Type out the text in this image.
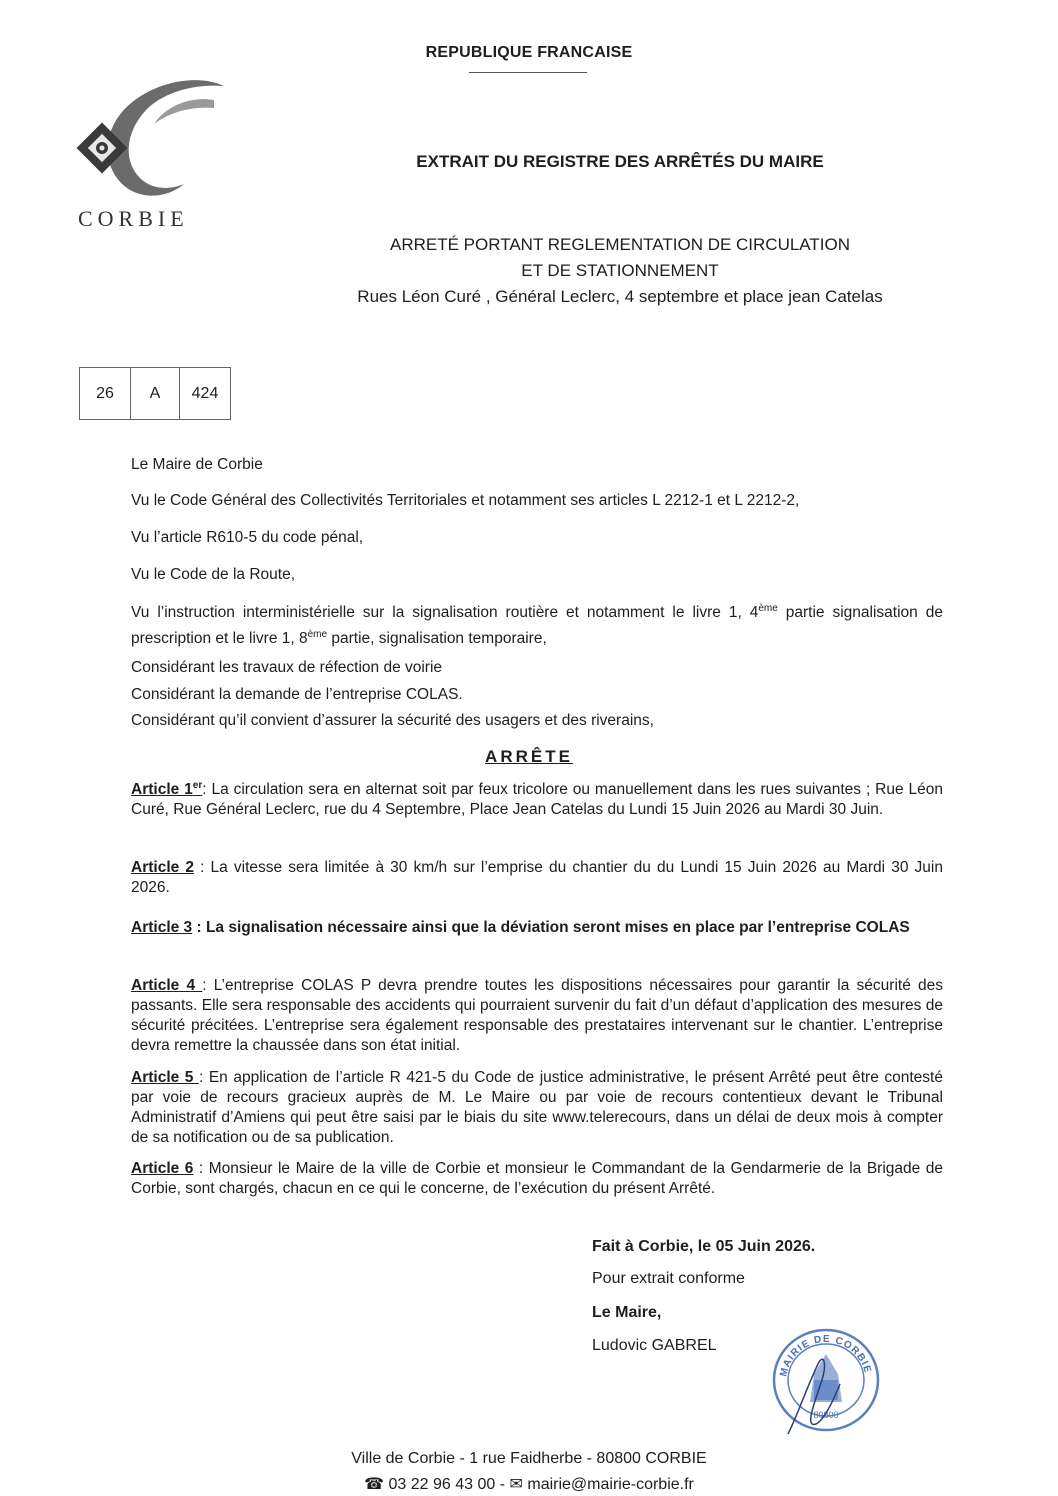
REPUBLIQUE FRANCAISE
CORBIE
EXTRAIT DU REGISTRE DES ARRÊTÉS DU MAIRE
ARRETÉ PORTANT REGLEMENTATION DE CIRCULATION
ET DE STATIONNEMENT
Rues Léon Curé , Général Leclerc, 4 septembre et place jean Catelas
26	A	424
Le Maire de Corbie
Vu le Code Général des Collectivités Territoriales et notamment ses articles L 2212-1 et L 2212-2,
Vu l’article R610-5 du code pénal,
Vu le Code de la Route,
Vu l’instruction interministérielle sur la signalisation routière et notamment le livre 1, 4ème partie signalisation de prescription et le livre 1, 8ème partie, signalisation temporaire,
Considérant les travaux de réfection de voirie
Considérant la demande de l’entreprise COLAS.
Considérant qu’il convient d’assurer la sécurité des usagers et des riverains,
ARRÊTE
Article 1er: La circulation sera en alternat soit par feux tricolore ou manuellement dans les rues suivantes ; Rue Léon Curé, Rue Général Leclerc, rue du 4 Septembre, Place Jean Catelas du Lundi 15 Juin 2026 au Mardi 30 Juin.
Article 2 : La vitesse sera limitée à 30 km/h sur l’emprise du chantier du du Lundi 15 Juin 2026 au Mardi 30 Juin 2026.
Article 3 : La signalisation nécessaire ainsi que la déviation seront mises en place par l’entreprise COLAS
Article 4 : L’entreprise COLAS P devra prendre toutes les dispositions nécessaires pour garantir la sécurité des passants. Elle sera responsable des accidents qui pourraient survenir du fait d’un défaut d’application des mesures de sécurité précitées. L’entreprise sera également responsable des prestataires intervenant sur le chantier. L’entreprise devra remettre la chaussée dans son état initial.
Article 5 : En application de l’article R 421-5 du Code de justice administrative, le présent Arrêté peut être contesté par voie de recours gracieux auprès de M. Le Maire ou par voie de recours contentieux devant le Tribunal Administratif d’Amiens qui peut être saisi par le biais du site www.telerecours, dans un délai de deux mois à compter de sa notification ou de sa publication.
Article 6 : Monsieur le Maire de la ville de Corbie et monsieur le Commandant de la Gendarmerie de la Brigade de Corbie, sont chargés, chacun en ce qui le concerne, de l’exécution du présent Arrêté.
Fait à Corbie, le 05 Juin 2026.
Pour extrait conforme
Le Maire,
Ludovic GABREL
MAIRIE DE CORBIE
80800
Ville de Corbie - 1 rue Faidherbe - 80800 CORBIE
☎ 03 22 96 43 00 - ✉ mairie@mairie-corbie.fr
